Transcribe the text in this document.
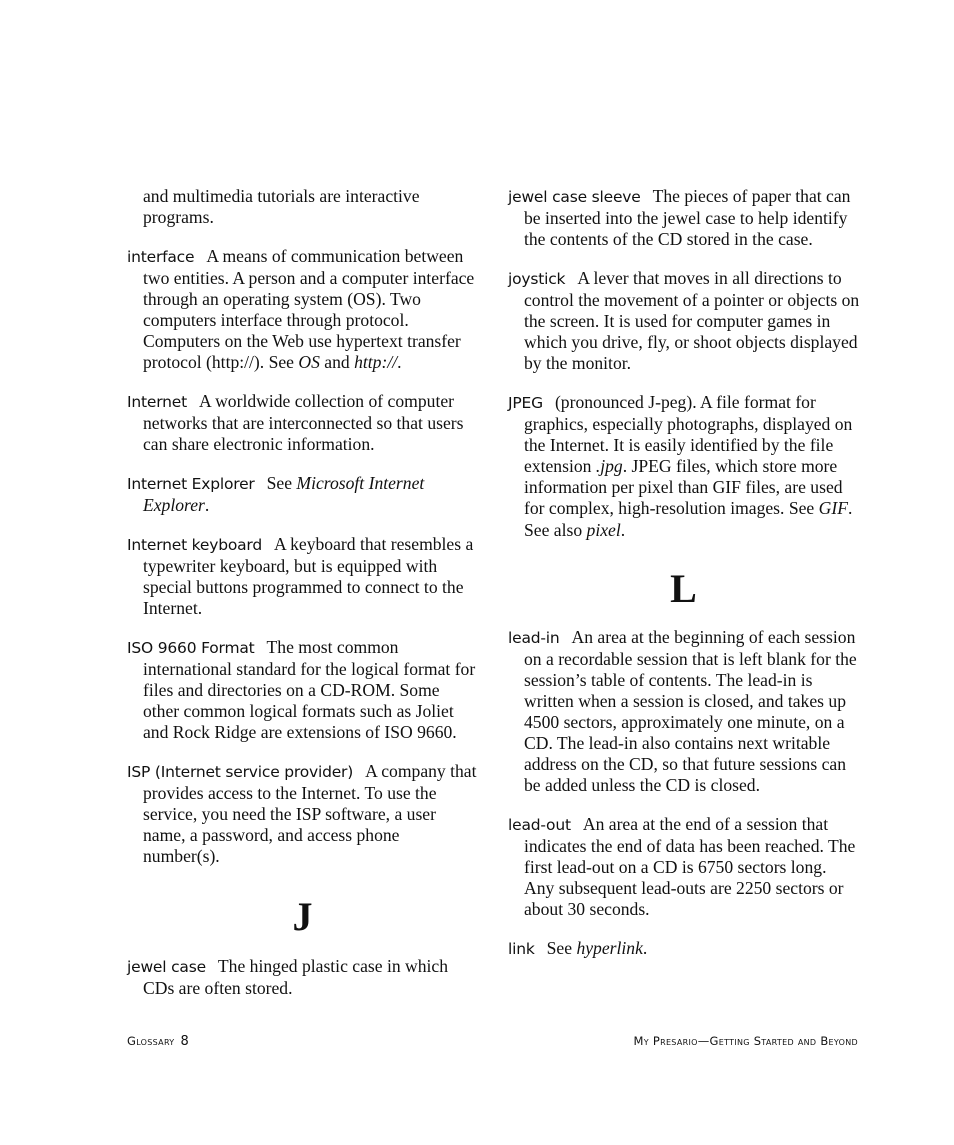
and multimedia tutorials are interactive programs.

interface A means of communication between two entities. A person and a computer interface through an operating system (OS). Two computers interface through protocol. Computers on the Web use hypertext transfer protocol (http://). See OS and http://.

Internet A worldwide collection of computer networks that are interconnected so that users can share electronic information.

Internet Explorer See Microsoft Internet Explorer.

Internet keyboard A keyboard that resembles a typewriter keyboard, but is equipped with special buttons programmed to connect to the Internet.

ISO 9660 Format The most common international standard for the logical format for files and directories on a CD-ROM. Some other common logical formats such as Joliet and Rock Ridge are extensions of ISO 9660.

ISP (Internet service provider) A company that provides access to the Internet. To use the service, you need the ISP software, a user name, a password, and access phone number(s).

J

jewel case The hinged plastic case in which CDs are often stored.

jewel case sleeve The pieces of paper that can be inserted into the jewel case to help identify the contents of the CD stored in the case.

joystick A lever that moves in all directions to control the movement of a pointer or objects on the screen. It is used for computer games in which you drive, fly, or shoot objects displayed by the monitor.

JPEG (pronounced J-peg). A file format for graphics, especially photographs, displayed on the Internet. It is easily identified by the file extension .jpg. JPEG files, which store more information per pixel than GIF files, are used for complex, high-resolution images. See GIF. See also pixel.

L

lead-in An area at the beginning of each session on a recordable session that is left blank for the session’s table of contents. The lead-in is written when a session is closed, and takes up 4500 sectors, approximately one minute, on a CD. The lead-in also contains next writable address on the CD, so that future sessions can be added unless the CD is closed.

lead-out An area at the end of a session that indicates the end of data has been reached. The first lead-out on a CD is 6750 sectors long. Any subsequent lead-outs are 2250 sectors or about 30 seconds.

link See hyperlink.

Glossary 8	My Presario—Getting Started and Beyond
